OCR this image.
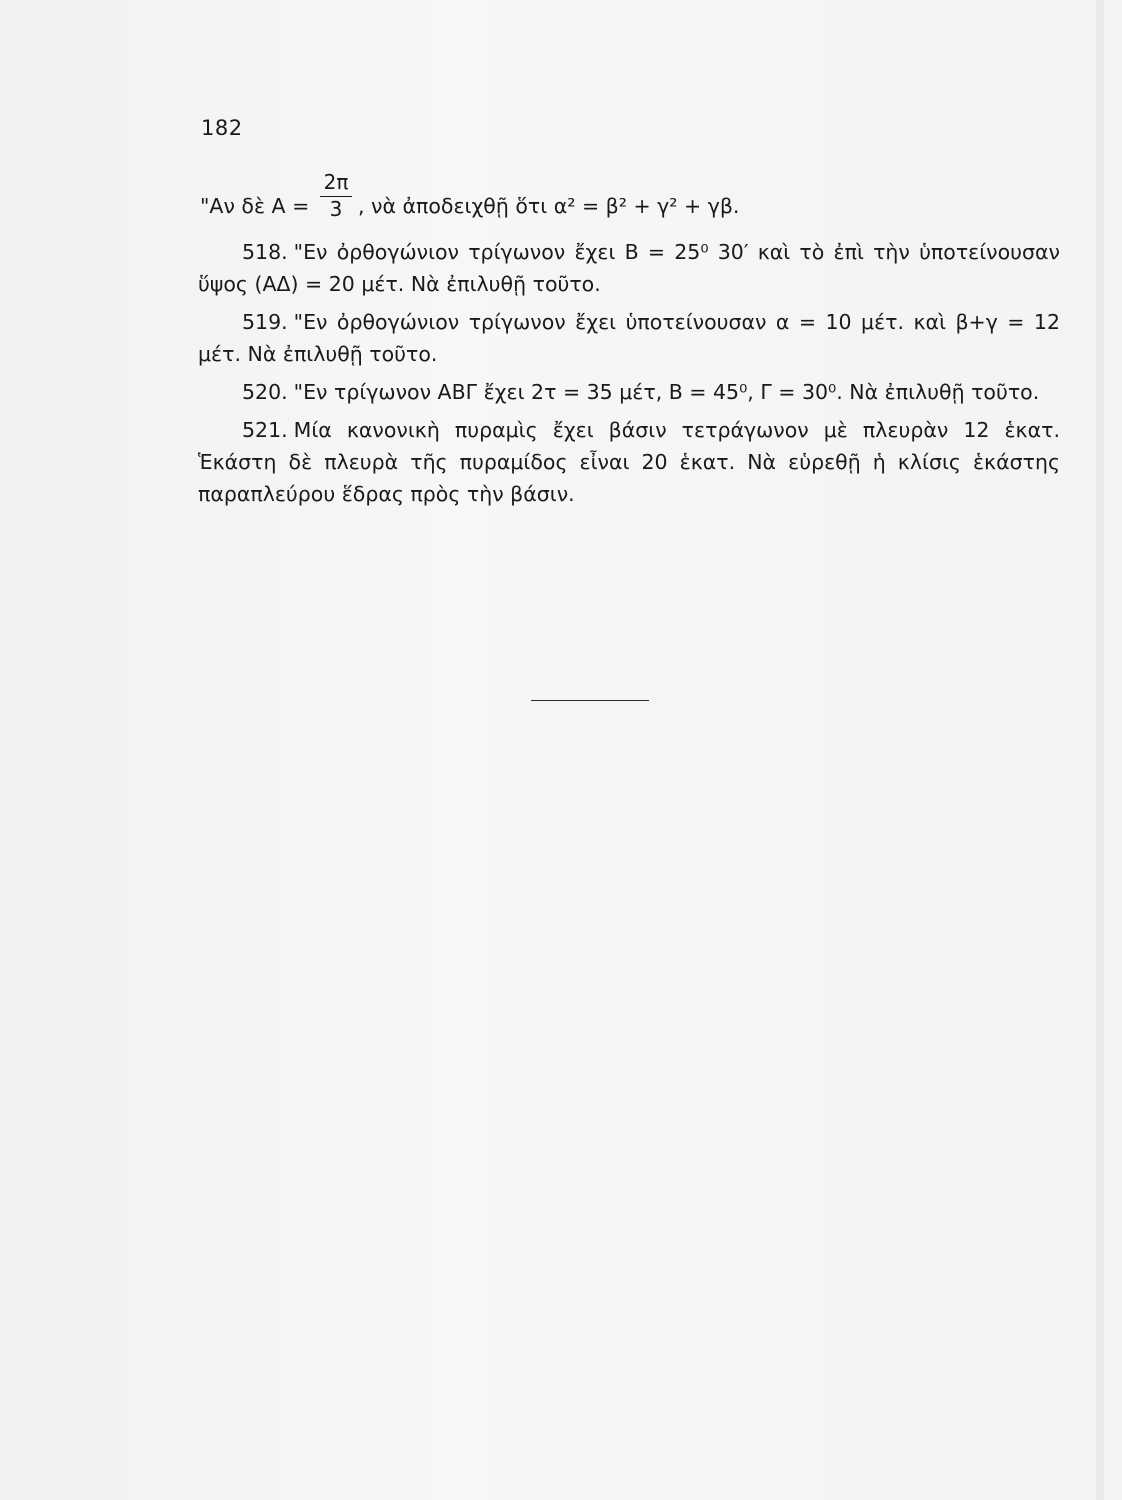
182
"Αν δὲ Α =
2π
3 , νὰ ἀποδειχθῇ ὅτι α² = β² + γ² + γβ.

518. "Εν ὀρθογώνιον τρίγωνον ἔχει Β = 25⁰ 30′ καὶ τὸ ἐπὶ τὴν ὑποτείνουσαν ὕψος (ΑΔ) = 20 μέτ. Νὰ ἐπιλυθῇ τοῦτο.

519. "Εν ὀρθογώνιον τρίγωνον ἔχει ὑποτείνουσαν α = 10 μέτ. καὶ β+γ = 12 μέτ. Νὰ ἐπιλυθῇ τοῦτο.

520. "Εν τρίγωνον ΑΒΓ ἔχει 2τ = 35 μέτ, Β = 45⁰, Γ = 30⁰. Νὰ ἐπιλυθῇ τοῦτο.

521. Μία κανονικὴ πυραμὶς ἔχει βάσιν τετράγωνον μὲ πλευρὰν 12 ἑκατ. Ἑκάστη δὲ πλευρὰ τῆς πυραμίδος εἶναι 20 ἑκατ. Νὰ εὑρεθῇ ἡ κλίσις ἑκάστης παραπλεύρου ἕδρας πρὸς τὴν βάσιν.
